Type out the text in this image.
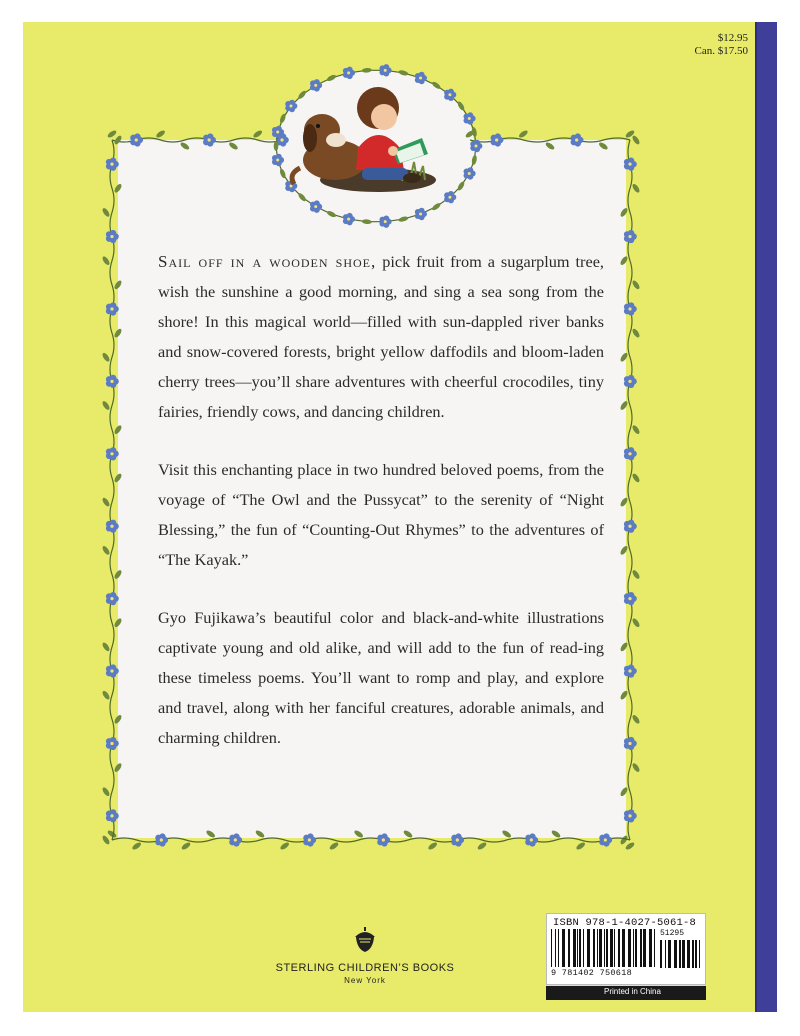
$12.95
Can. $17.50

Sail off in a wooden shoe, pick fruit from a sugarplum tree, wish the sunshine a good morning, and sing a sea song from the shore! In this magical world—filled with sun-dappled river banks and snow-covered forests, bright yellow daffodils and bloom-laden cherry trees—you’ll share adventures with cheerful crocodiles, tiny fairies, friendly cows, and dancing children.

Visit this enchanting place in two hundred beloved poems, from the voyage of “The Owl and the Pussycat” to the serenity of “Night Blessing,” the fun of “Counting-Out Rhymes” to the adventures of “The Kayak.”

Gyo Fujikawa’s beautiful color and black-and-white illustrations captivate young and old alike, and will add to the fun of read-ing these timeless poems. You’ll want to romp and play, and explore and travel, along with her fanciful creatures, adorable animals, and charming children.

STERLING CHILDREN’S BOOKS
New York
ISBN 978-1-4027-5061-8
9 781402 750618
51295
Printed in China
